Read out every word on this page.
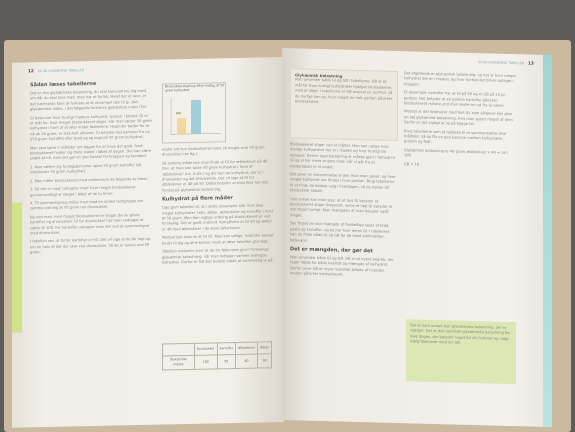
12 GI OG GLYKÆMISK TABELLER
Sådan læses tabellerne
Det er den glykæmiske belastning, du skal koncentrere dig mest om når du skal lave mad, men har et forlob. Hvad der et lave, er det nærmeste fane at forklare at et eksempel den til gi. Det glykæmiske index, i det følgende forklares glykæmisk index (GI).
Gi beskriver hvor hurtigt madens kulhydrat 'pulses' i blodet. GI er et mål for, hvor meget blodsukkeret stiger, når man spiser 50 gram kulhydrat i form af et eller andet fødeemne. Hvad der tæller for at nå de 50 gram, er ikke helt afklaret. Gi betyder det kommer fra ca. 250 gram kartoffel eller brød og og kogt på 50 gram kulhydrat.
Man skal spise 5 måltider om dagen for at have det godt, fordi blodsukkeret holder sig mere stabilt i løbet af dagen. Det kan være svært at nå, men det gør en stor forskel for kroppen og humøret.
1. Man sætter sig forsøgspersoner spise 50 gram kartoffel (så indeholder 50 gram kulhydrat).
2. Man måler blodsukkeret med mellemrum de følgende to timer.
3. Tal det er med 'udregner man' hvor meget blodsukkeret gennemsnitligt er steget i løbet af de to timer.
4. Til sammenligning måler man med en anden testgruppe om samme ordning at 50 gram ren druesukker.
Nu ved man, hvor meget blodsukkeret er steget da de spiste kartofler og druesukker. GI for druesukker har man vedtaget at sætte til 100. For kartofler udregner man det ved at sammenligne med druesukker.
I tabellen ses, at GI for kartofler er 50. Det vil sige at de får lagt op om en halv af det der sker ved druesukker. Så de er lavere end 50 gram.
Blodsukkerstigning efter indtag af 50 gram kulhydrat
endre ord kun blodsukkeret halvt så meget som 50 gram druesukker (se fig.).
Så samme måde kan man finde et GI for æbleskiver på 40. Dvs. at man kan spise 50 gram kulhydrat i form af 'æbleskiver' (ca. 4 stk.) og der kan de kulhydrat, der er i druesukker og det tilsvarende. Det vil sige at GI for æbleskiver er 40 på 50. Dette betyder at man ikke har stor forskel på glykæmisk belastning.
Kulhydrat på flere måder
Lige gem tabellen til, at i dette eksempler står man ikke meget kulhydrater f.eks. æbler, æbleskiver og kartofler i hver af 50 gram. Men den vigtige ordning på blodsukkeret er ved forskellig. Det er godt, indmidt. Kartoffelen er GI 50 og æbler er 40 med æbleskiver i de store tallerkener.
Modsat kan man se at GI 50. Man kan vælge, hvad der passer bedst til dig og dine behov. Husk at læse tabellen grundigt.
Tabellen nedenfor viser at de tre fødevarer giver forskellige glykæmisk belastning, når man indtager samme mængde kulhydrat. Derfor er GB den bedste måde at sammenligne på.
	Druesukker	Kartofler	Æbleskiver	Æbler
Glykæmisk indeks	100	50	40	38
GI OG GLYKÆMISK TABELLER 13
Glykæmisk belastning
Man anvender både GI og GB i tabellerne. GB er et mål for hvor hurtigt kulhydrater hjælper blodsukkeret med at stige. I tabellerne er GB angivet pr. portion, så du hurtigt kan se, hvor meget en helt portion påvirker blodsukkeret.
Blodsukkeret stiger ved et måltid. Man kan vælge hvor mange kulhydrater der er i maden og hvor hurtigt de optages. Denne type beregning er måske gjort i forhold til GI og vi har mere at gøre med, når vi går fra et madprodukt til et andet.
Det giver en fornemmelse af den mad man spiser, og hvor meget kulhydrat der findes i hver portion. Brug tabellerne til at finde de bedste valg i hverdagen, så du holder dit blodsukker stabilt.
Helt enkelt kan man sige, at et lavt GI betyder at blodsukkeret stiger langsomt, mens et højt GI betyder at det stiger hurtigt. Men mængden af mad betyder også meget.
Der findes en stor mængde af forskellige typer af brød, pasta og kartofler, og de har hver deres GI. I tabellerne kan du finde både GI og GB for de mest almindelige fødevarer.
Det er mængden, der gør det
Man anvender både GI og GB. GB er et nyere begreb, der tager højde for både kvalitet og mængde af kulhydrat. Derfor giver GB et mere realistisk billede af hvordan maden påvirker blodsukkeret.
Det afgørende er glykæmisk belastning, og det er hvor meget kulhydrat der er i maden, og hvor hurtigt det bliver optaget i kroppen.
Et eksempel: kartofler har et GI på 50 og et GB på 10 pr. portion. Det betyder at en portion kartofler påvirker blodsukkeret mindre end man skulle tro ud fra GI alene.
Modsat er der fødevarer med lavt GI, som alligevel kan give en høj glykæmisk belastning, hvis man spiser meget af dem. Derfor er det vigtigt at se på begge tal.
Brug tabellerne som et redskab til at sammensætte dine måltider, så du får en god balance mellem kulhydrater, protein og fedt.
Glykæmisk belastning er 40 gram æbleskiver × 40 = 16 / 100
GB = 16
Det er som omtalt den glykæmiske belastning, der er vigtigst. Det er den samlede glykæmiske belastning for hele dagen, der betyder noget for din helbred og vægt. Vælg fødevarer med lav GB.
